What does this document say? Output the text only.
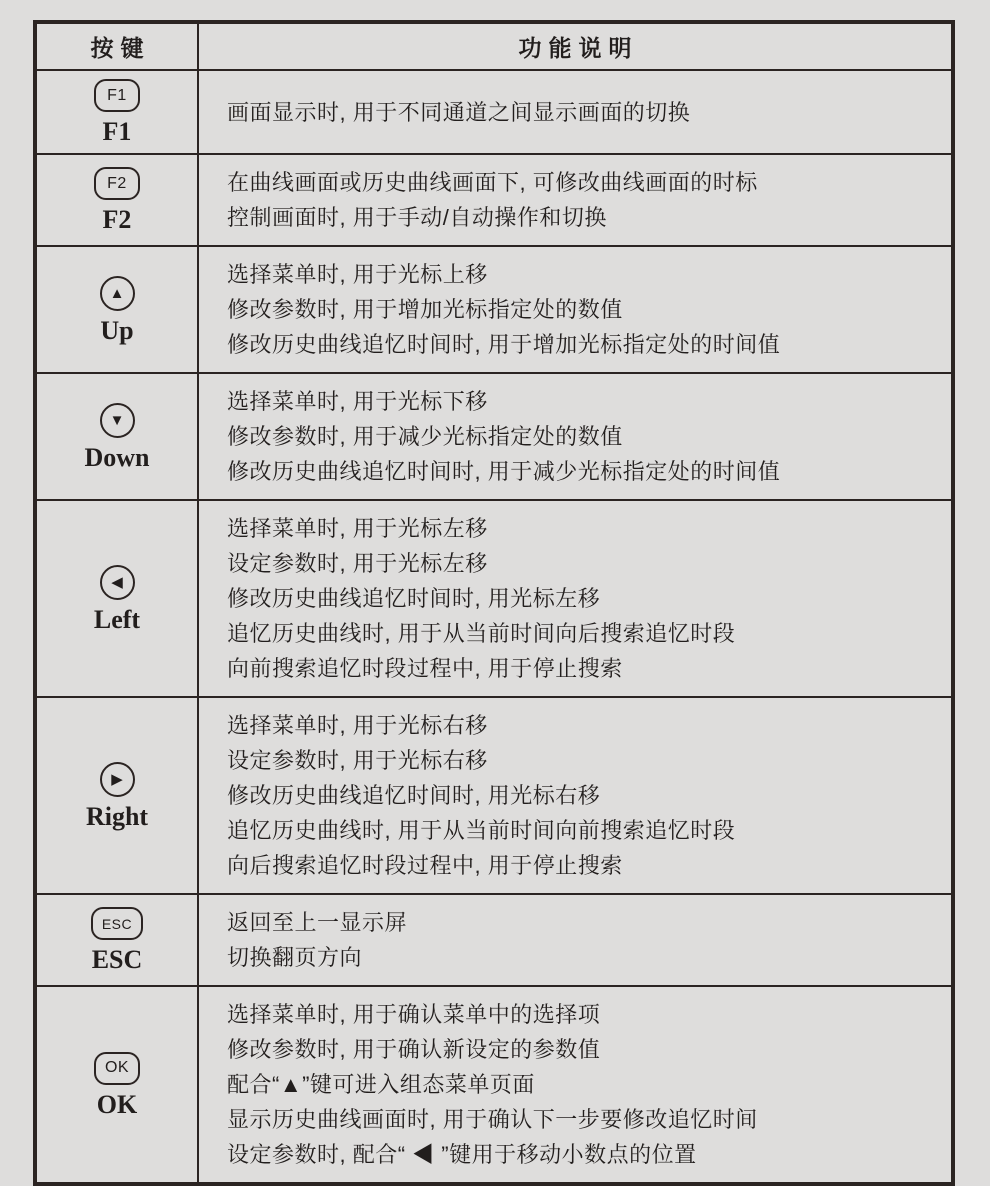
按键	功能说明
F1
F1
画面显示时, 用于不同通道之间显示画面的切换
F2
F2
在曲线画面或历史曲线画面下, 可修改曲线画面的时标
控制画面时, 用于手动/自动操作和切换
▲
Up
选择菜单时, 用于光标上移
修改参数时, 用于增加光标指定处的数值
修改历史曲线追忆时间时, 用于增加光标指定处的时间值
▼
Down
选择菜单时, 用于光标下移
修改参数时, 用于减少光标指定处的数值
修改历史曲线追忆时间时, 用于减少光标指定处的时间值
◀
Left
选择菜单时, 用于光标左移
设定参数时, 用于光标左移
修改历史曲线追忆时间时, 用光标左移
追忆历史曲线时, 用于从当前时间向后搜索追忆时段
向前搜索追忆时段过程中, 用于停止搜索
▶
Right
选择菜单时, 用于光标右移
设定参数时, 用于光标右移
修改历史曲线追忆时间时, 用光标右移
追忆历史曲线时, 用于从当前时间向前搜索追忆时段
向后搜索追忆时段过程中, 用于停止搜索
ESC
ESC
返回至上一显示屏
切换翻页方向
OK
OK
选择菜单时, 用于确认菜单中的选择项
修改参数时, 用于确认新设定的参数值
配合“▲”键可进入组态菜单页面
显示历史曲线画面时, 用于确认下一步要修改追忆时间
设定参数时, 配合“ ◀ ”键用于移动小数点的位置
